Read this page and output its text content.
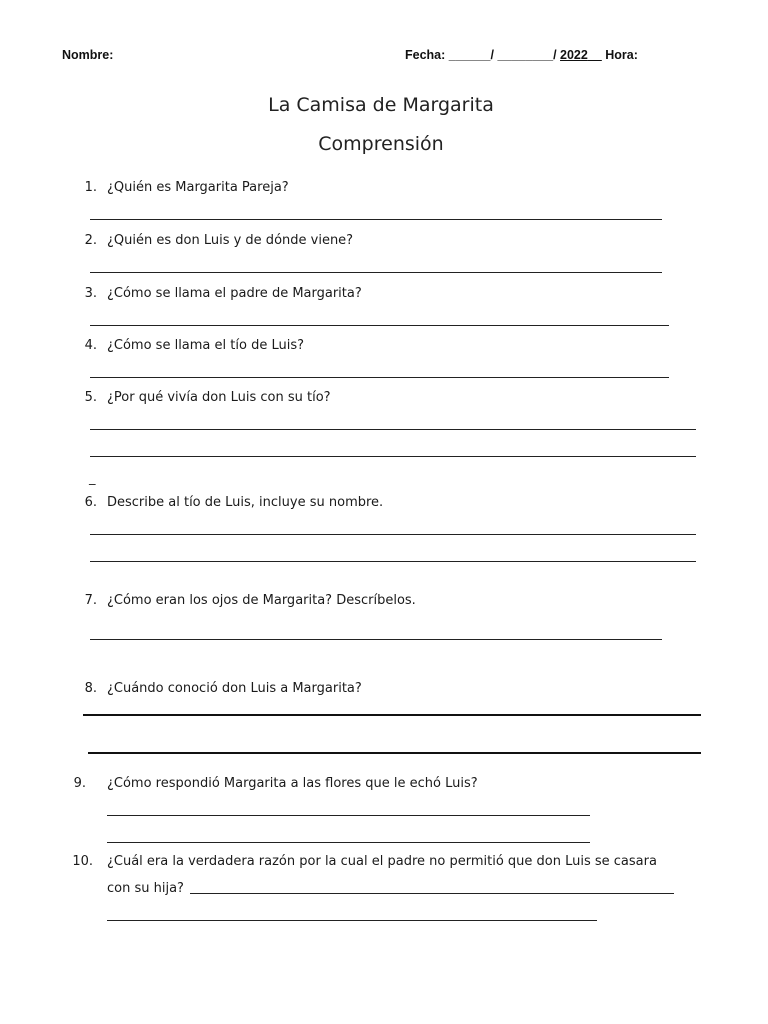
Nombre:	Fecha: ______/ ________/ 2022__ Hora:
La Camisa de Margarita
Comprensión
1. ¿Quién es Margarita Pareja?
2. ¿Quién es don Luis y de dónde viene?
3. ¿Cómo se llama el padre de Margarita?
4. ¿Cómo se llama el tío de Luis?
5. ¿Por qué vivía don Luis con su tío?
_
6. Describe al tío de Luis, incluye su nombre.
7. ¿Cómo eran los ojos de Margarita? Descríbelos.
8. ¿Cuándo conoció don Luis a Margarita?
9. ¿Cómo respondió Margarita a las flores que le echó Luis?
10. ¿Cuál era la verdadera razón por la cual el padre no permitió que don Luis se casara
con su hija?
